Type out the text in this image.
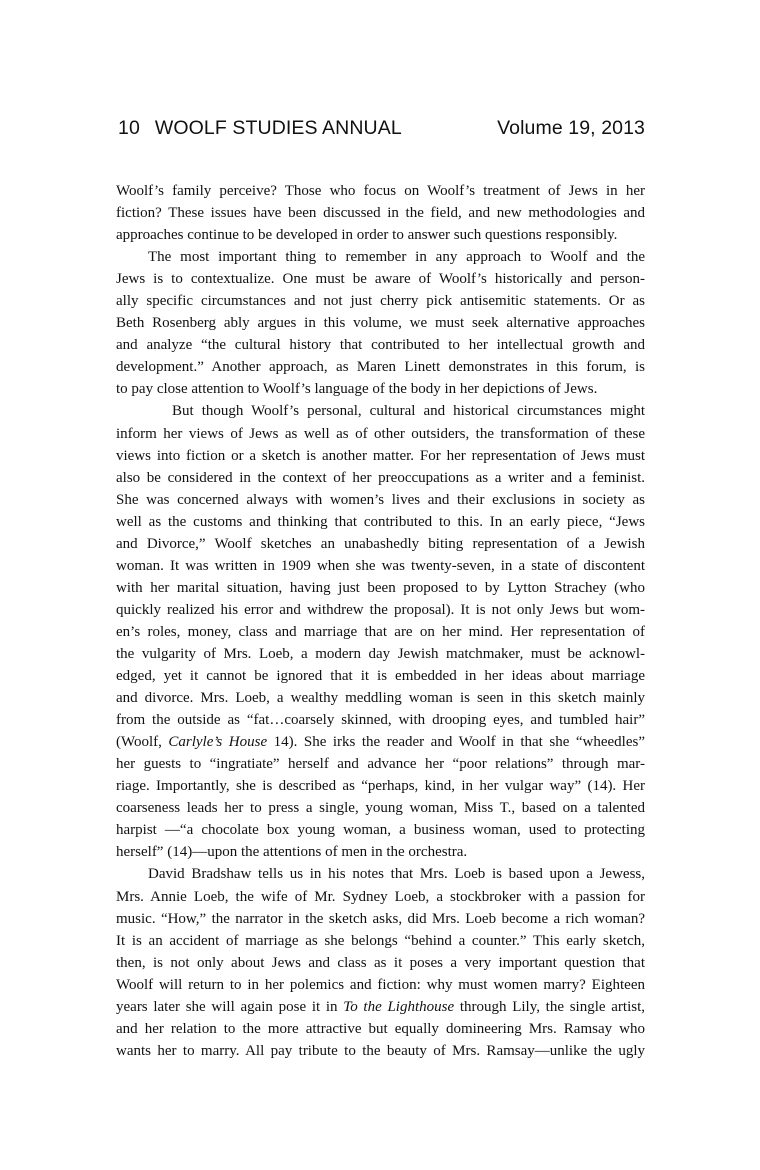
10 WOOLF STUDIES ANNUAL	Volume 19, 2013
Woolf’s family perceive? Those who focus on Woolf’s treatment of Jews in her
fiction? These issues have been discussed in the field, and new methodologies and
approaches continue to be developed in order to answer such questions responsibly.
The most important thing to remember in any approach to Woolf and the
Jews is to contextualize. One must be aware of Woolf’s historically and person-
ally specific circumstances and not just cherry pick antisemitic statements. Or as
Beth Rosenberg ably argues in this volume, we must seek alternative approaches
and analyze “the cultural history that contributed to her intellectual growth and
development.” Another approach, as Maren Linett demonstrates in this forum, is
to pay close attention to Woolf’s language of the body in her depictions of Jews.
But though Woolf’s personal, cultural and historical circumstances might
inform her views of Jews as well as of other outsiders, the transformation of these
views into fiction or a sketch is another matter. For her representation of Jews must
also be considered in the context of her preoccupations as a writer and a feminist.
She was concerned always with women’s lives and their exclusions in society as
well as the customs and thinking that contributed to this. In an early piece, “Jews
and Divorce,” Woolf sketches an unabashedly biting representation of a Jewish
woman. It was written in 1909 when she was twenty-seven, in a state of discontent
with her marital situation, having just been proposed to by Lytton Strachey (who
quickly realized his error and withdrew the proposal). It is not only Jews but wom-
en’s roles, money, class and marriage that are on her mind. Her representation of
the vulgarity of Mrs. Loeb, a modern day Jewish matchmaker, must be acknowl-
edged, yet it cannot be ignored that it is embedded in her ideas about marriage
and divorce. Mrs. Loeb, a wealthy meddling woman is seen in this sketch mainly
from the outside as “fat…coarsely skinned, with drooping eyes, and tumbled hair”
(Woolf, Carlyle’s House 14). She irks the reader and Woolf in that she “wheedles”
her guests to “ingratiate” herself and advance her “poor relations” through mar-
riage. Importantly, she is described as “perhaps, kind, in her vulgar way” (14). Her
coarseness leads her to press a single, young woman, Miss T., based on a talented
harpist —“a chocolate box young woman, a business woman, used to protecting
herself” (14)—upon the attentions of men in the orchestra.
David Bradshaw tells us in his notes that Mrs. Loeb is based upon a Jewess,
Mrs. Annie Loeb, the wife of Mr. Sydney Loeb, a stockbroker with a passion for
music. “How,” the narrator in the sketch asks, did Mrs. Loeb become a rich woman?
It is an accident of marriage as she belongs “behind a counter.” This early sketch,
then, is not only about Jews and class as it poses a very important question that
Woolf will return to in her polemics and fiction: why must women marry? Eighteen
years later she will again pose it in To the Lighthouse through Lily, the single artist,
and her relation to the more attractive but equally domineering Mrs. Ramsay who
wants her to marry. All pay tribute to the beauty of Mrs. Ramsay—unlike the ugly
